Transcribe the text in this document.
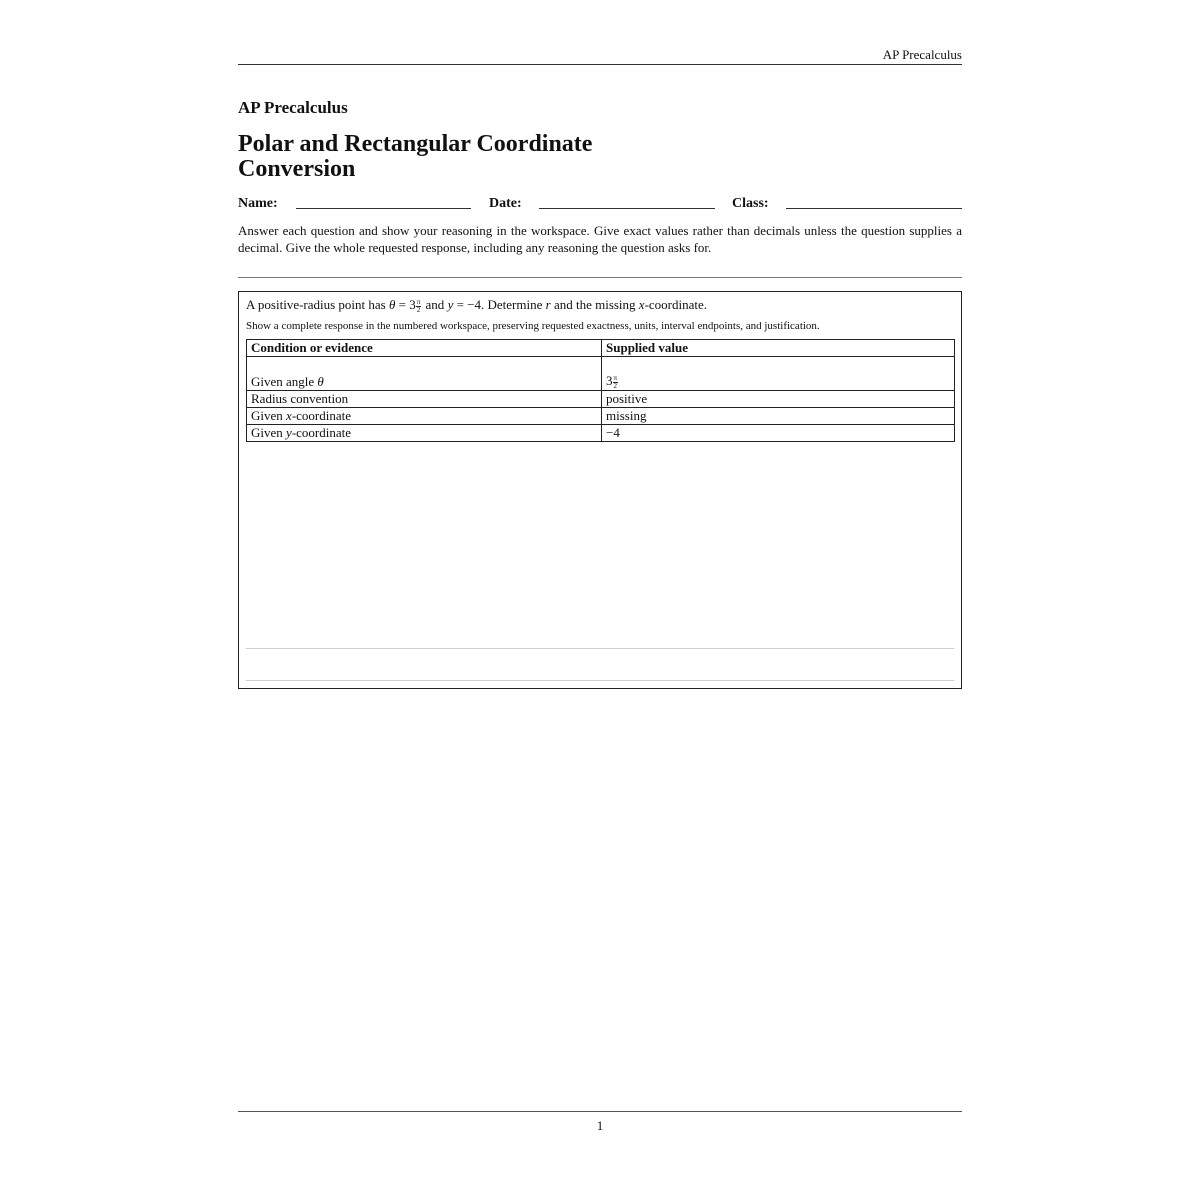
AP Precalculus
AP Precalculus
Polar and Rectangular Coordinate Conversion
Name:	Date:	Class:
Answer each question and show your reasoning in the workspace. Give exact values rather than decimals unless the question supplies a decimal. Give the whole requested response, including any reasoning the question asks for.
A positive-radius point has $\theta = 3 \frac{\pi}{2}$ and y = −4. Determine r and the missing x-coordinate.
Show a complete response in the numbered workspace, preserving requested exactness, units, interval endpoints, and justification.
Condition or evidence	Supplied value
Given angle θ	$3 \frac{\pi}{2}$

Radius convention	positive
Given x-coordinate	missing
Given y-coordinate	−4
1
